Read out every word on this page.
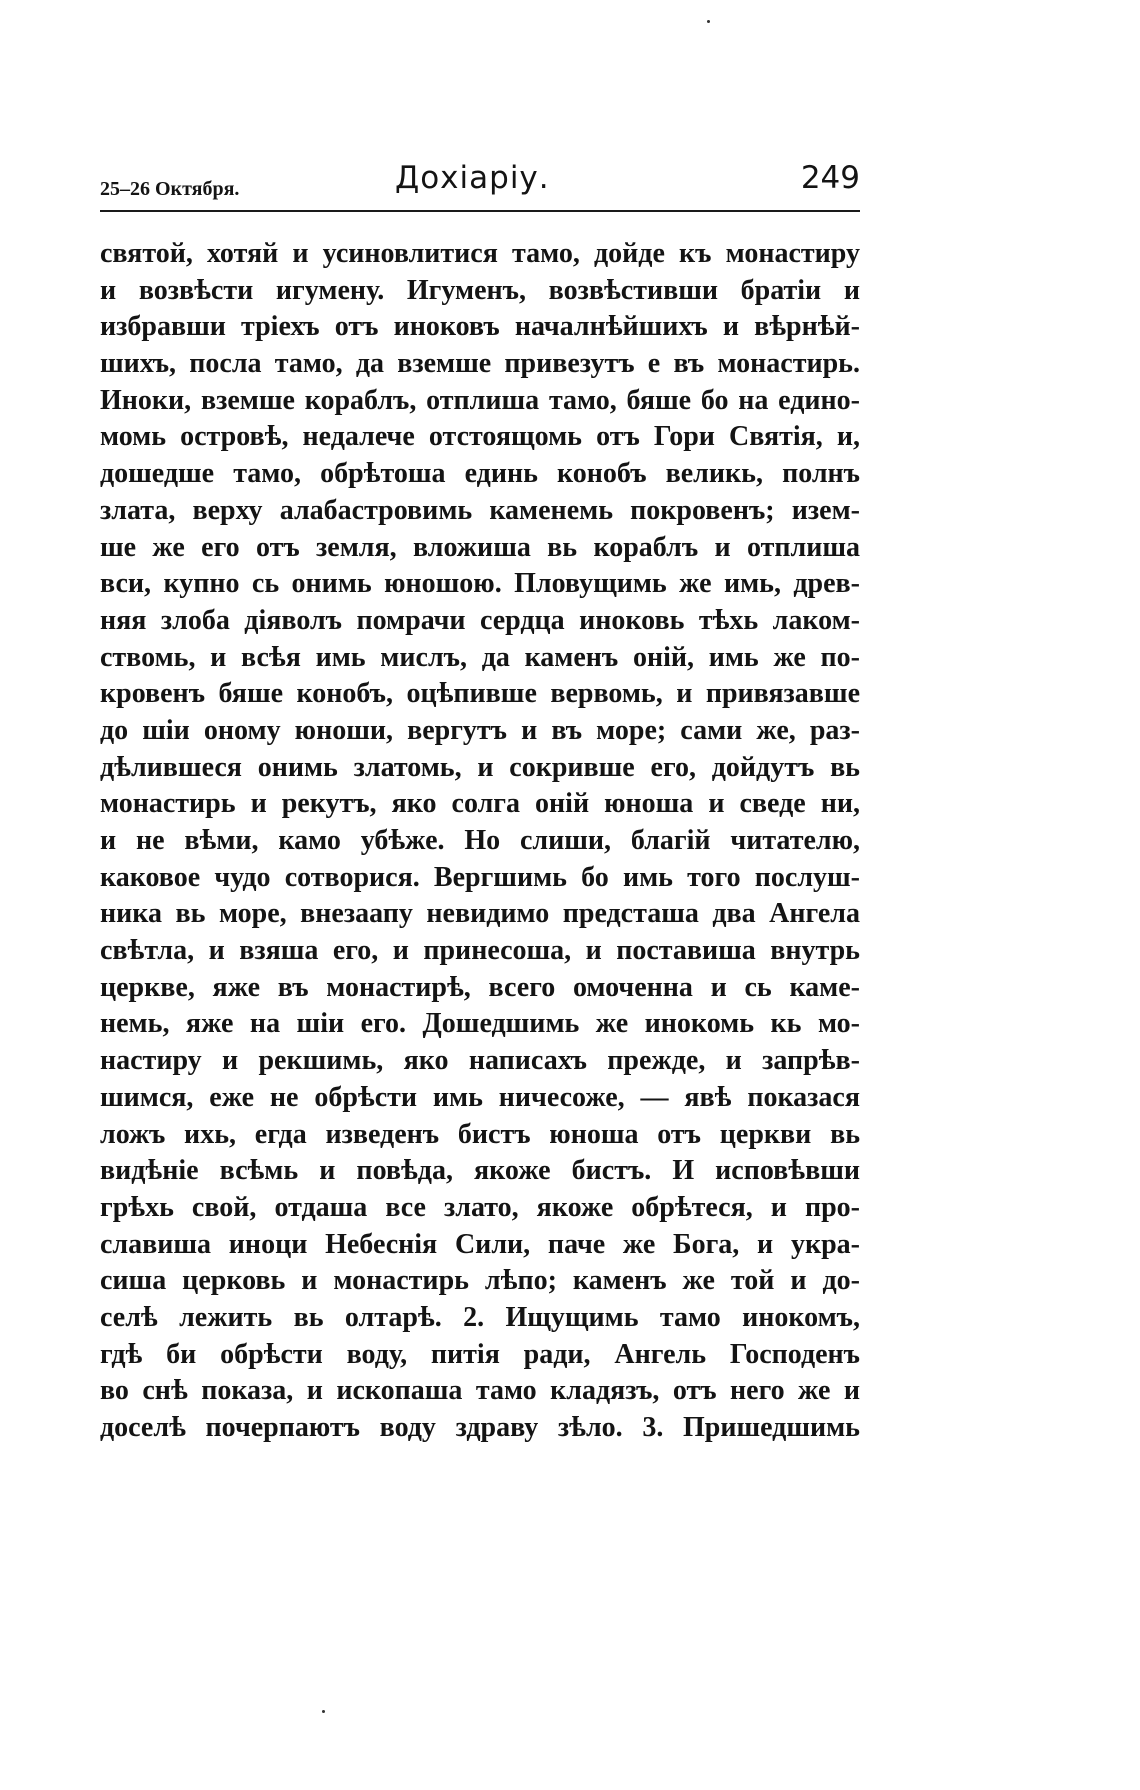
25–26 Октября.	Дохіаріу.	249
святой, хотяй и усиновлитися тамо, дойде къ монастиру
и возвѣсти игумену. Игуменъ, возвѣстивши братіи и
избравши тріехъ отъ иноковъ началнѣйшихъ и вѣрнѣй-
шихъ, посла тамо, да вземше привезутъ е въ монастирь.
Иноки, вземше кораблъ, отплиша тамо, бяше бо на едино-
момь островѣ, недалече отстоящомь отъ Гори Святія, и,
дошедше тамо, обрѣтоша единь конобъ великь, полнъ
злата, верху алабастровимь каменемь покровенъ; изем-
ше же его отъ земля, вложиша вь кораблъ и отплиша
вси, купно сь онимь юношою. Пловущимь же имь, древ-
няя злоба діяволъ помрачи сердца иноковь тѣхь лаком-
ствомь, и всѣя имь мислъ, да каменъ оній, имь же по-
кровенъ бяше конобъ, оцѣпивше вервомь, и привязавше
до шіи оному юноши, вергутъ и въ море; сами же, раз-
дѣлившеся онимь златомь, и сокривше его, дойдутъ вь
монастирь и рекутъ, яко солга оній юноша и сведе ни,
и не вѣми, камо убѣже. Но слиши, благій читателю,
каковое чудо сотворися. Вергшимь бо имь того послуш-
ника вь море, внезаапу невидимо предсташа два Ангела
свѣтла, и взяша его, и принесоша, и поставиша внутрь
церкве, яже въ монастирѣ, всего омоченна и сь каме-
немь, яже на шіи его. Дошедшимь же инокомь кь мо-
настиру и рекшимь, яко написахъ прежде, и запрѣв-
шимся, еже не обрѣсти имь ничесоже, — явѣ показася
ложъ ихь, егда изведенъ бистъ юноша отъ церкви вь
видѣніе всѣмь и повѣда, якоже бистъ. И исповѣвши
грѣхь свой, отдаша все злато, якоже обрѣтеся, и про-
славиша иноци Небеснія Сили, паче же Бога, и укра-
сиша церковь и монастирь лѣпо; каменъ же той и до-
селѣ лежить вь олтарѣ. 2. Ищущимь тамо инокомъ,
гдѣ би обрѣсти воду, питія ради, Ангель Господенъ
во снѣ показа, и ископаша тамо кладязъ, отъ него же и
доселѣ почерпаютъ воду здраву зѣло. 3. Пришедшимь
